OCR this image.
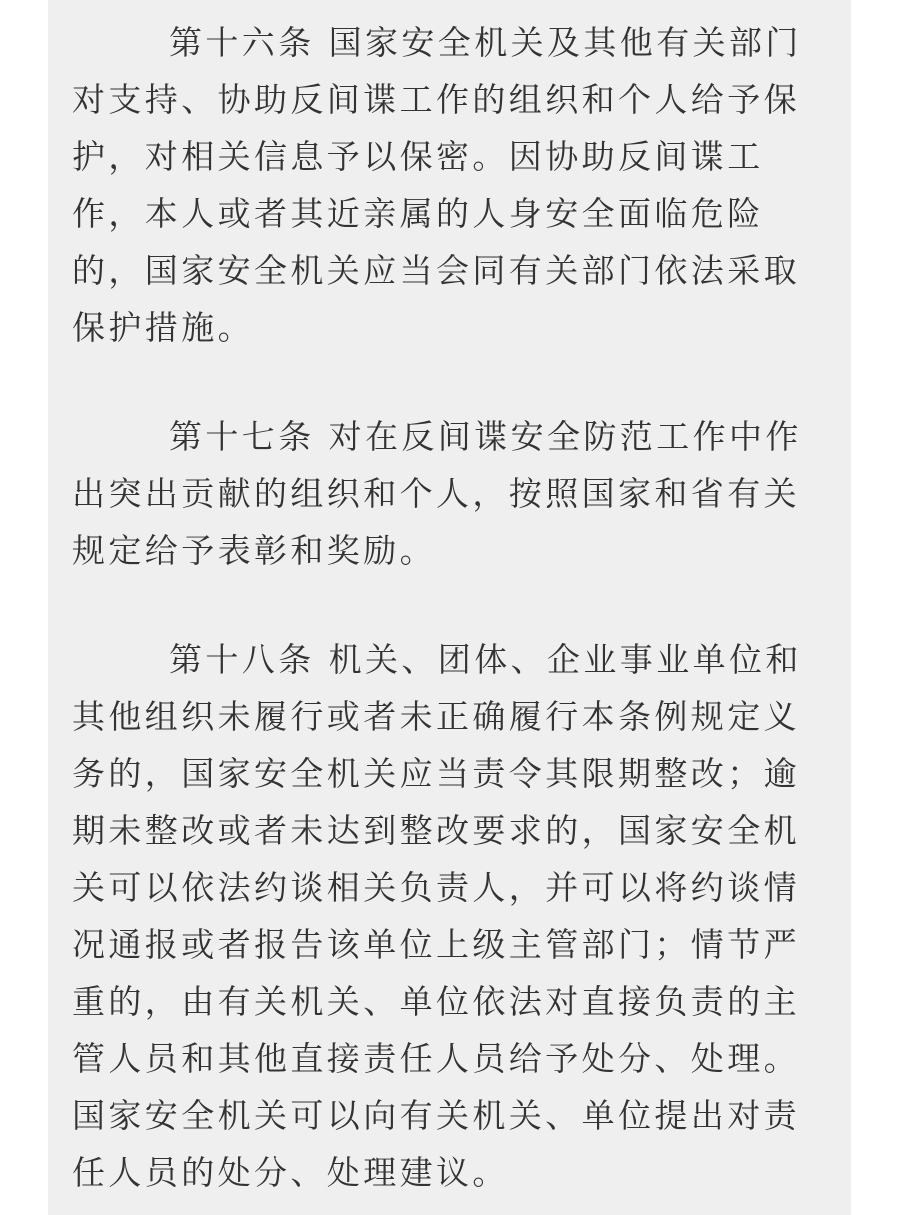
第十六条 国家安全机关及其他有关部门对支持、协助反间谍工作的组织和个人给予保护，对相关信息予以保密。因协助反间谍工作，本人或者其近亲属的人身安全面临危险的，国家安全机关应当会同有关部门依法采取保护措施。

第十七条 对在反间谍安全防范工作中作出突出贡献的组织和个人，按照国家和省有关规定给予表彰和奖励。

第十八条 机关、团体、企业事业单位和其他组织未履行或者未正确履行本条例规定义务的，国家安全机关应当责令其限期整改；逾期未整改或者未达到整改要求的，国家安全机关可以依法约谈相关负责人，并可以将约谈情况通报或者报告该单位上级主管部门；情节严重的，由有关机关、单位依法对直接负责的主管人员和其他直接责任人员给予处分、处理。国家安全机关可以向有关机关、单位提出对责任人员的处分、处理建议。
